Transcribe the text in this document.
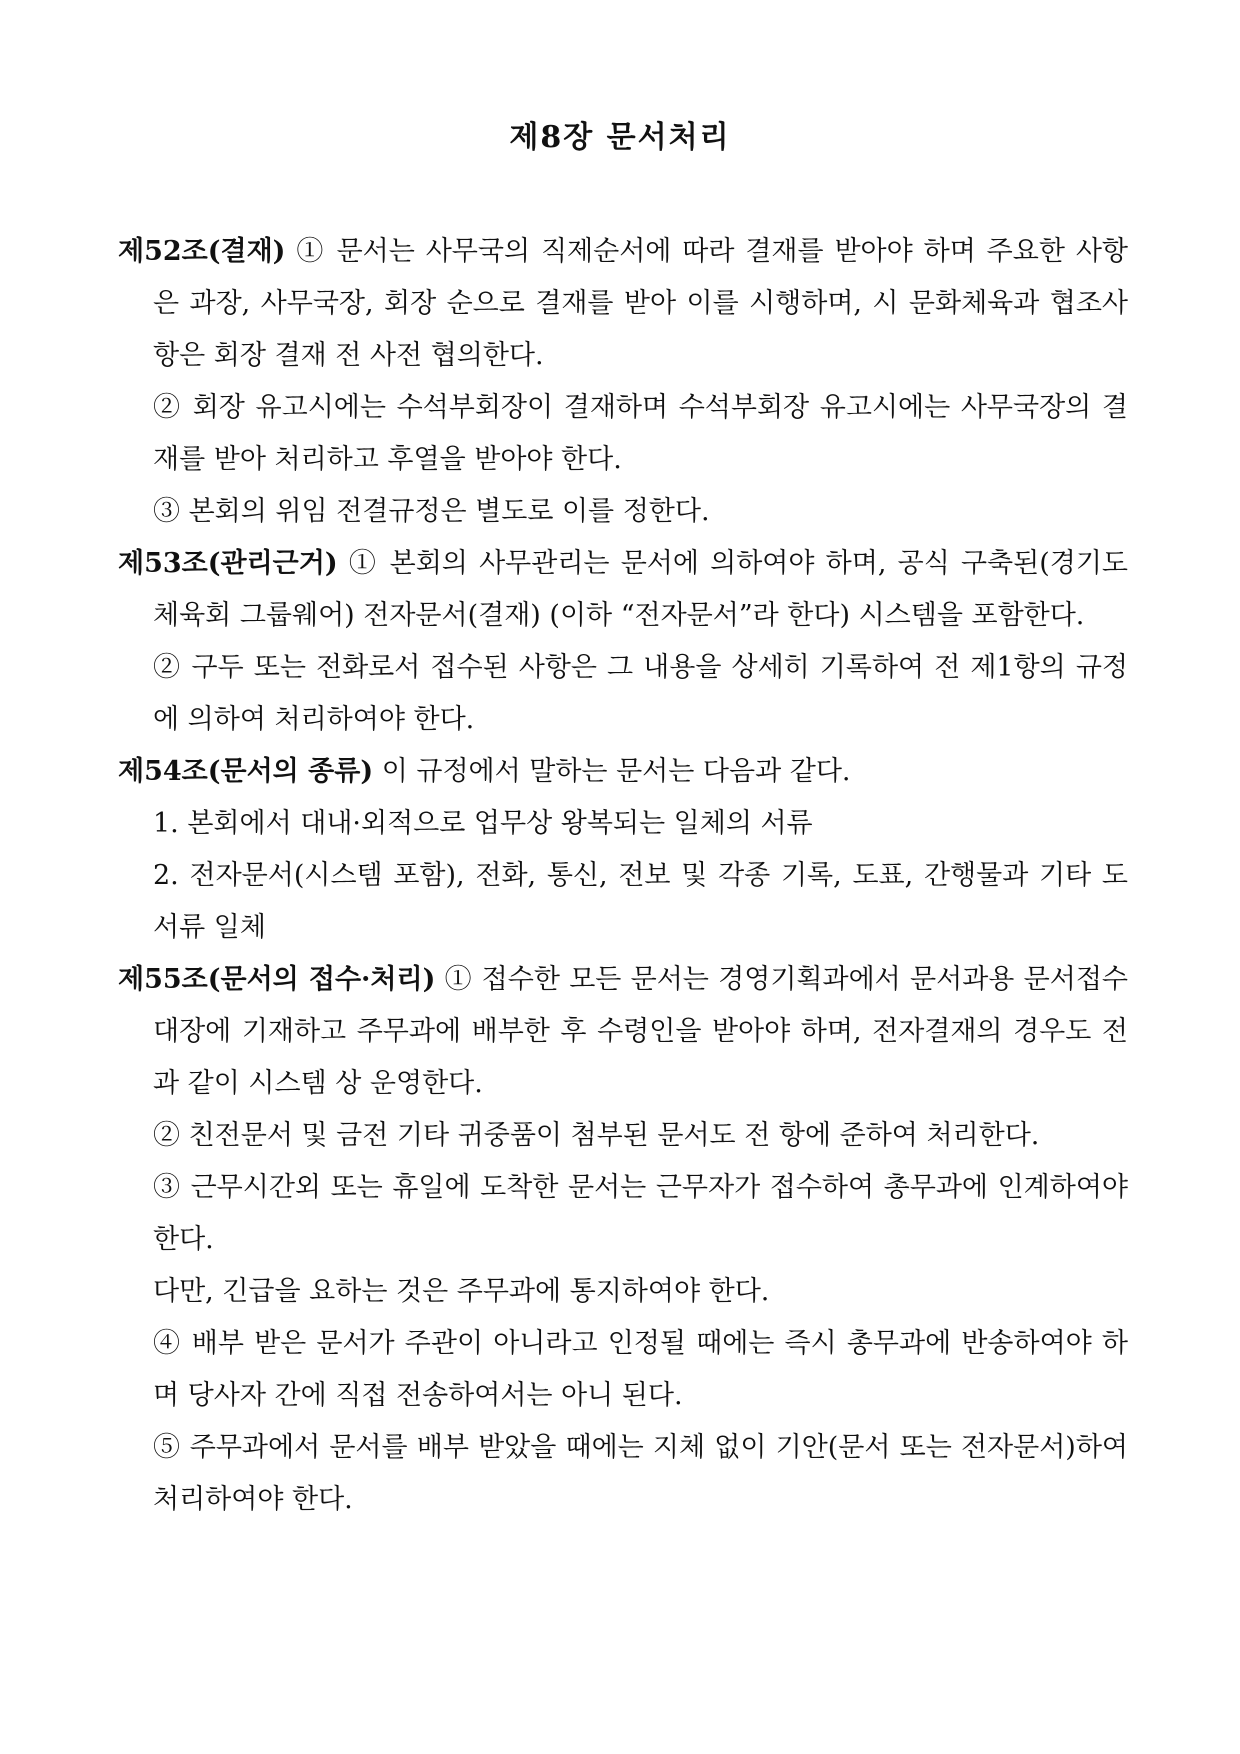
제8장 문서처리

제52조(결재) ① 문서는 사무국의 직제순서에 따라 결재를 받아야 하며 주요한 사항은 과장, 사무국장, 회장 순으로 결재를 받아 이를 시행하며, 시 문화체육과 협조사항은 회장 결재 전 사전 협의한다.

② 회장 유고시에는 수석부회장이 결재하며 수석부회장 유고시에는 사무국장의 결재를 받아 처리하고 후열을 받아야 한다.

③ 본회의 위임 전결규정은 별도로 이를 정한다.

제53조(관리근거) ① 본회의 사무관리는 문서에 의하여야 하며, 공식 구축된(경기도체육회 그룹웨어) 전자문서(결재) (이하 “전자문서”라 한다) 시스템을 포함한다.

② 구두 또는 전화로서 접수된 사항은 그 내용을 상세히 기록하여 전 제1항의 규정에 의하여 처리하여야 한다.

제54조(문서의 종류) 이 규정에서 말하는 문서는 다음과 같다.

1. 본회에서 대내·외적으로 업무상 왕복되는 일체의 서류

2. 전자문서(시스템 포함), 전화, 통신, 전보 및 각종 기록, 도표, 간행물과 기타 도서류 일체

제55조(문서의 접수·처리) ① 접수한 모든 문서는 경영기획과에서 문서과용 문서접수대장에 기재하고 주무과에 배부한 후 수령인을 받아야 하며, 전자결재의 경우도 전과 같이 시스템 상 운영한다.

② 친전문서 및 금전 기타 귀중품이 첨부된 문서도 전 항에 준하여 처리한다.

③ 근무시간외 또는 휴일에 도착한 문서는 근무자가 접수하여 총무과에 인계하여야 한다.

다만, 긴급을 요하는 것은 주무과에 통지하여야 한다.

④ 배부 받은 문서가 주관이 아니라고 인정될 때에는 즉시 총무과에 반송하여야 하며 당사자 간에 직접 전송하여서는 아니 된다.

⑤ 주무과에서 문서를 배부 받았을 때에는 지체 없이 기안(문서 또는 전자문서)하여 처리하여야 한다.
